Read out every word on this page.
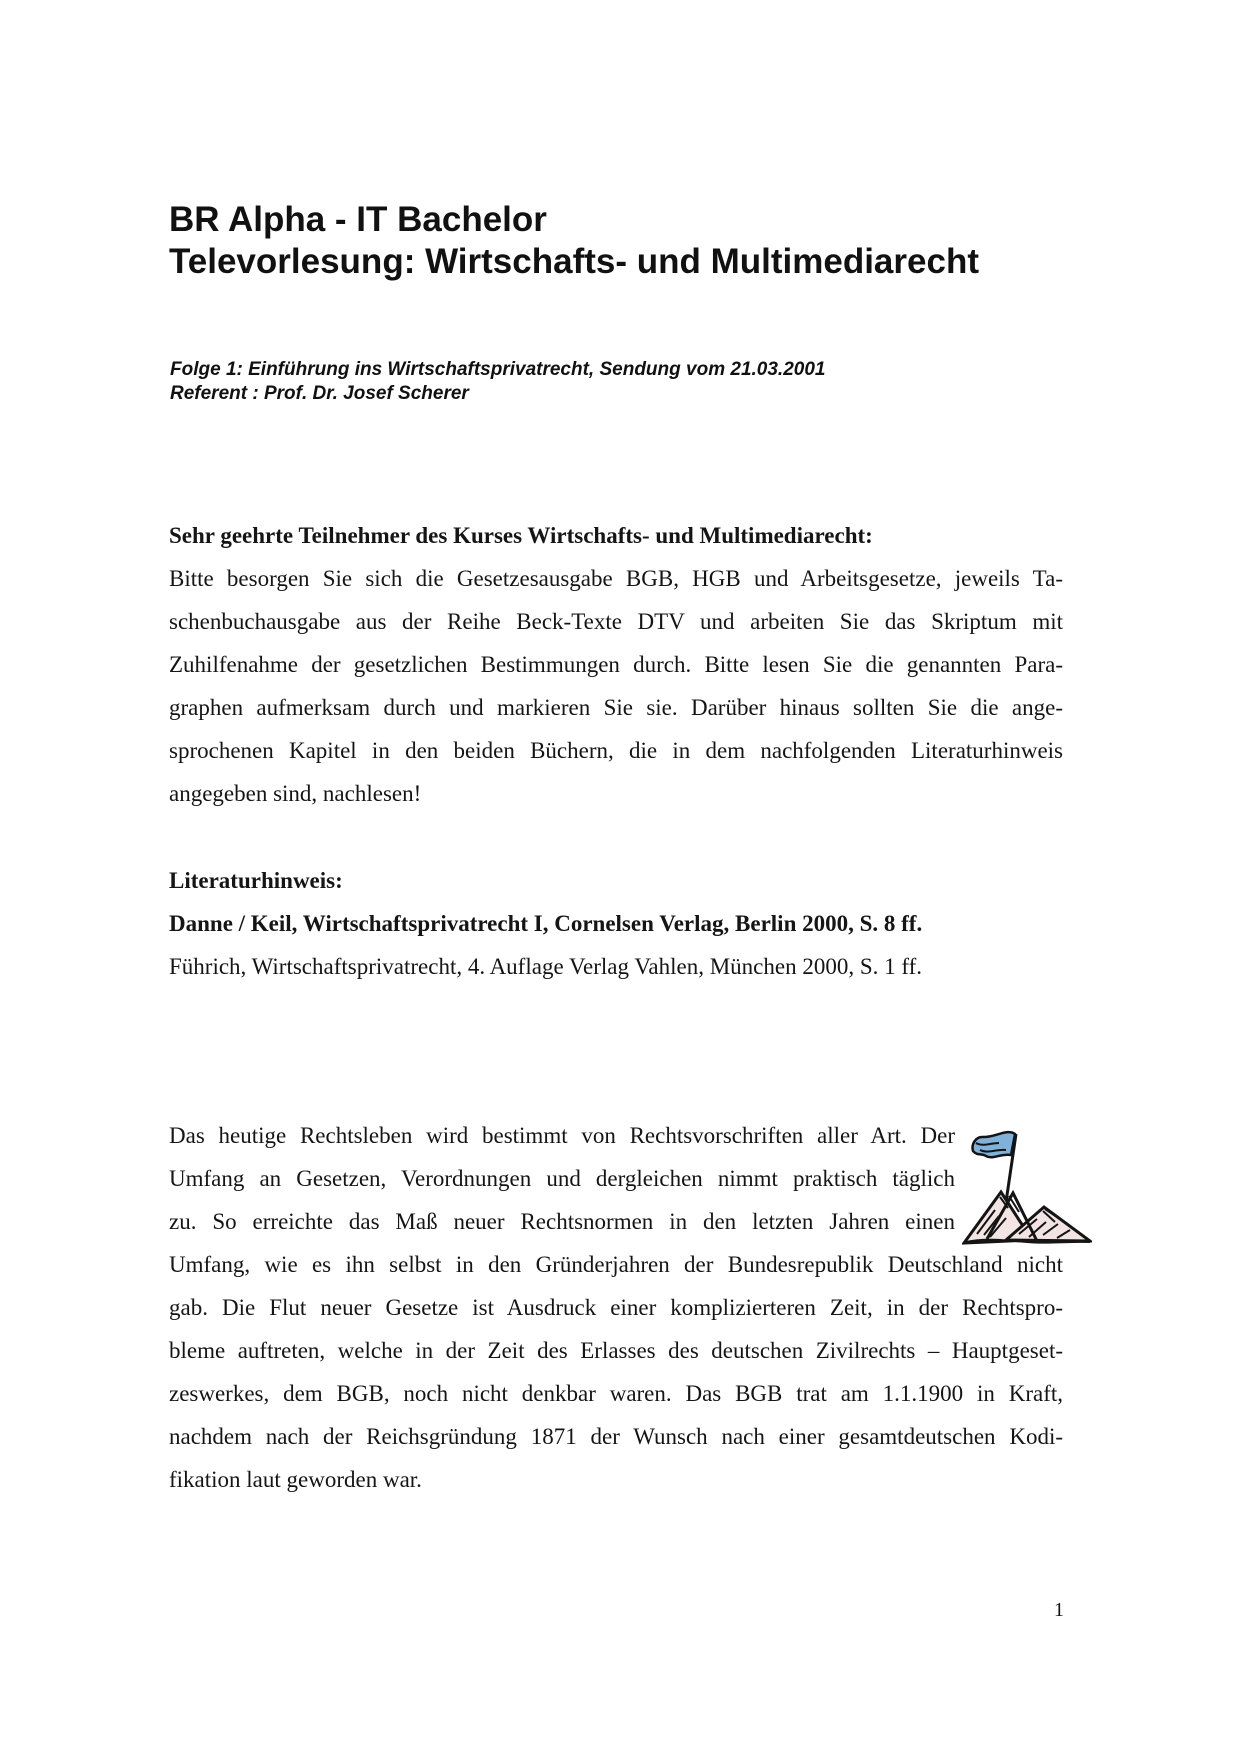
BR Alpha - IT Bachelor
Televorlesung: Wirtschafts- und Multimediarecht
Folge 1: Einführung ins Wirtschaftsprivatrecht, Sendung vom 21.03.2001
Referent : Prof. Dr. Josef Scherer
Sehr geehrte Teilnehmer des Kurses Wirtschafts- und Multimediarecht:
Bitte besorgen Sie sich die Gesetzesausgabe BGB, HGB und Arbeitsgesetze, jeweils Ta-
schenbuchausgabe aus der Reihe Beck-Texte DTV und arbeiten Sie das Skriptum mit
Zuhilfenahme der gesetzlichen Bestimmungen durch. Bitte lesen Sie die genannten Para-
graphen aufmerksam durch und markieren Sie sie. Darüber hinaus sollten Sie die ange-
sprochenen Kapitel in den beiden Büchern, die in dem nachfolgenden Literaturhinweis
angegeben sind, nachlesen!
Literaturhinweis:
Danne / Keil, Wirtschaftsprivatrecht I, Cornelsen Verlag, Berlin 2000, S. 8 ff.
Führich, Wirtschaftsprivatrecht, 4. Auflage Verlag Vahlen, München 2000, S. 1 ff.
Das heutige Rechtsleben wird bestimmt von Rechtsvorschriften aller Art. Der
Umfang an Gesetzen, Verordnungen und dergleichen nimmt praktisch täglich
zu. So erreichte das Maß neuer Rechtsnormen in den letzten Jahren einen
Umfang, wie es ihn selbst in den Gründerjahren der Bundesrepublik Deutschland nicht
gab. Die Flut neuer Gesetze ist Ausdruck einer komplizierteren Zeit, in der Rechtspro-
bleme auftreten, welche in der Zeit des Erlasses des deutschen Zivilrechts – Hauptgeset-
zeswerkes, dem BGB, noch nicht denkbar waren. Das BGB trat am 1.1.1900 in Kraft,
nachdem nach der Reichsgründung 1871 der Wunsch nach einer gesamtdeutschen Kodi-
fikation laut geworden war.
1
